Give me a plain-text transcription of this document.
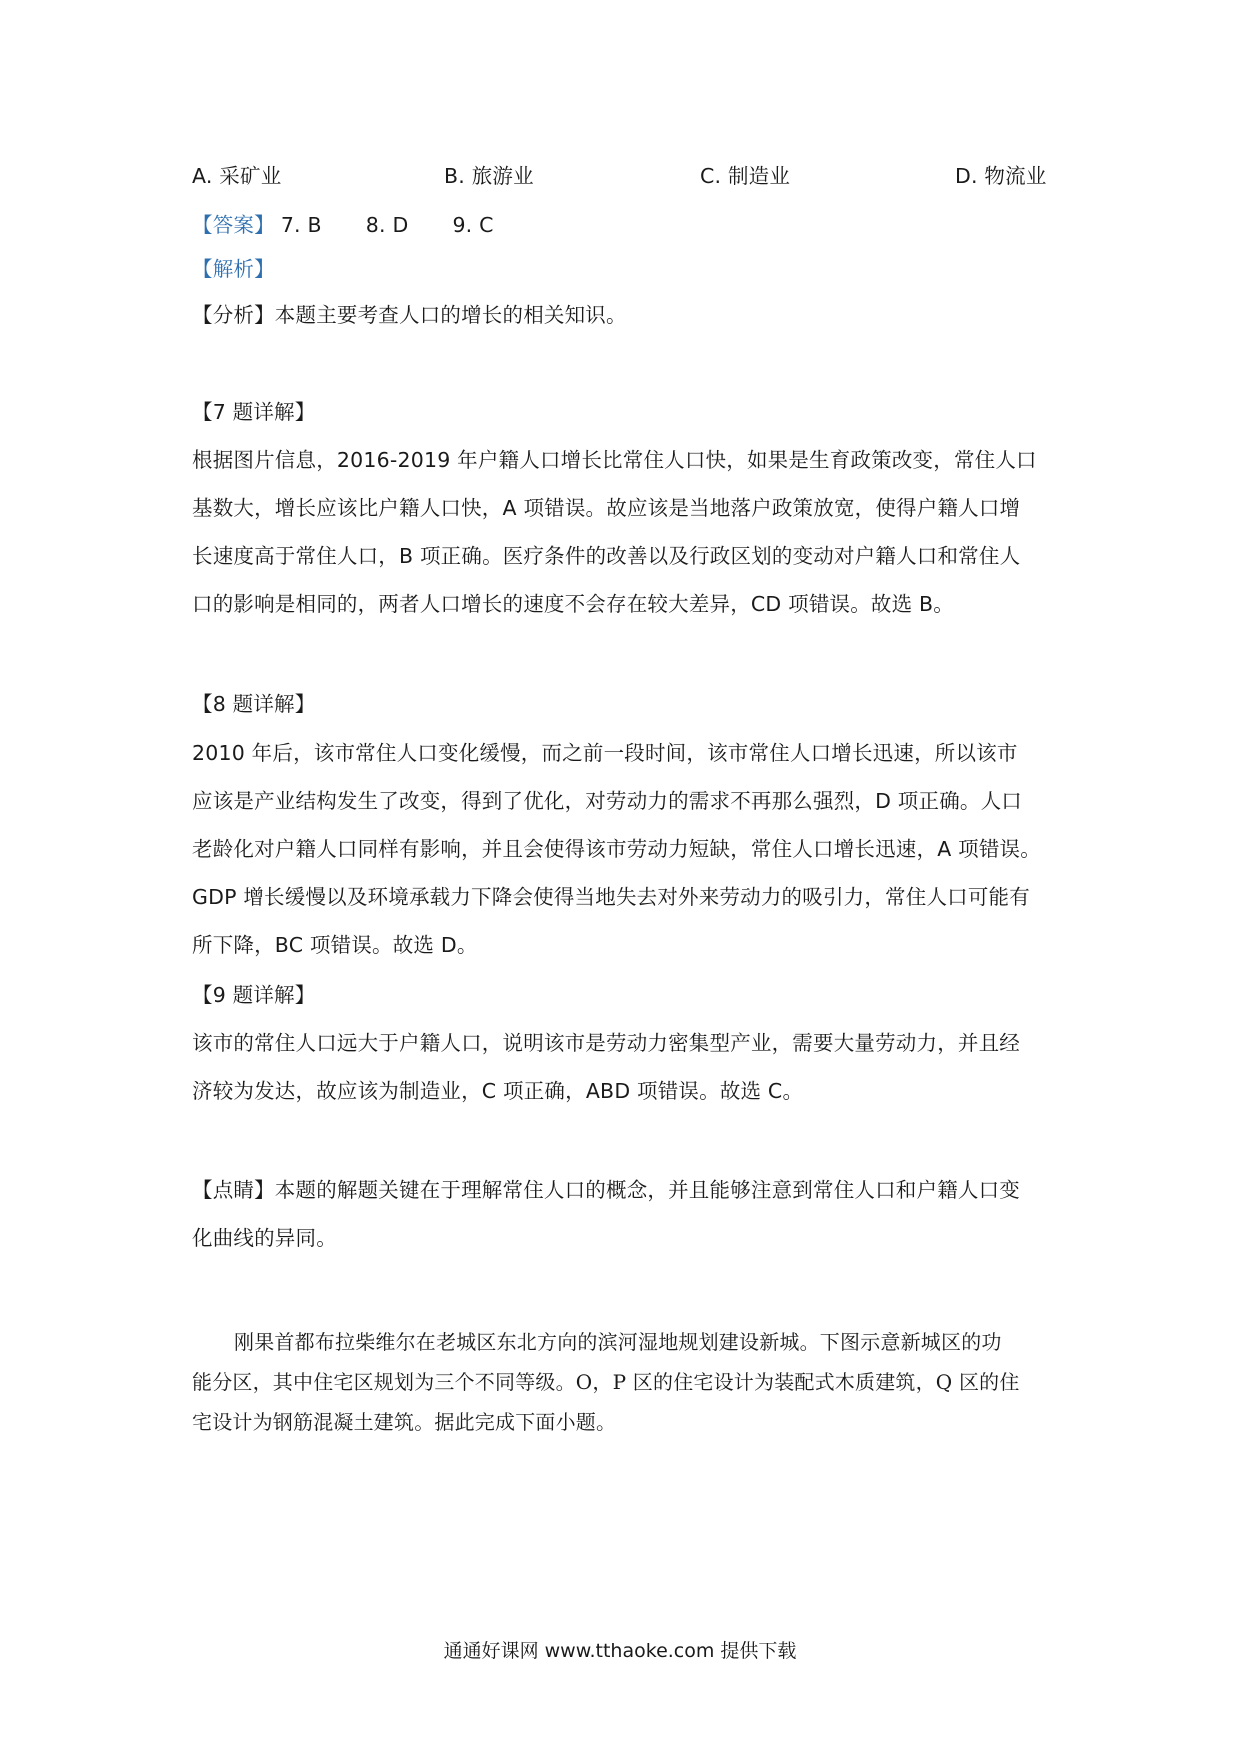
A. 采矿业	B. 旅游业	C. 制造业	D. 物流业
【答案】 7. B 8. D 9. C
【解析】
【分析】本题主要考查人口的增长的相关知识。
【7 题详解】
根据图片信息，2016-2019 年户籍人口增长比常住人口快，如果是生育政策改变，常住人口
基数大，增长应该比户籍人口快，A 项错误。故应该是当地落户政策放宽，使得户籍人口增
长速度高于常住人口，B 项正确。医疗条件的改善以及行政区划的变动对户籍人口和常住人
口的影响是相同的，两者人口增长的速度不会存在较大差异，CD 项错误。故选 B。
【8 题详解】
2010 年后，该市常住人口变化缓慢，而之前一段时间，该市常住人口增长迅速，所以该市
应该是产业结构发生了改变，得到了优化，对劳动力的需求不再那么强烈，D 项正确。人口
老龄化对户籍人口同样有影响，并且会使得该市劳动力短缺，常住人口增长迅速，A 项错误。
GDP 增长缓慢以及环境承载力下降会使得当地失去对外来劳动力的吸引力，常住人口可能有
所下降，BC 项错误。故选 D。
【9 题详解】
该市的常住人口远大于户籍人口，说明该市是劳动力密集型产业，需要大量劳动力，并且经
济较为发达，故应该为制造业，C 项正确，ABD 项错误。故选 C。
【点睛】本题的解题关键在于理解常住人口的概念，并且能够注意到常住人口和户籍人口变
化曲线的异同。
刚果首都布拉柴维尔在老城区东北方向的滨河湿地规划建设新城。下图示意新城区的功
能分区，其中住宅区规划为三个不同等级。O，P 区的住宅设计为装配式木质建筑，Q 区的住
宅设计为钢筋混凝土建筑。据此完成下面小题。
通通好课网 www.tthaoke.com 提供下载
